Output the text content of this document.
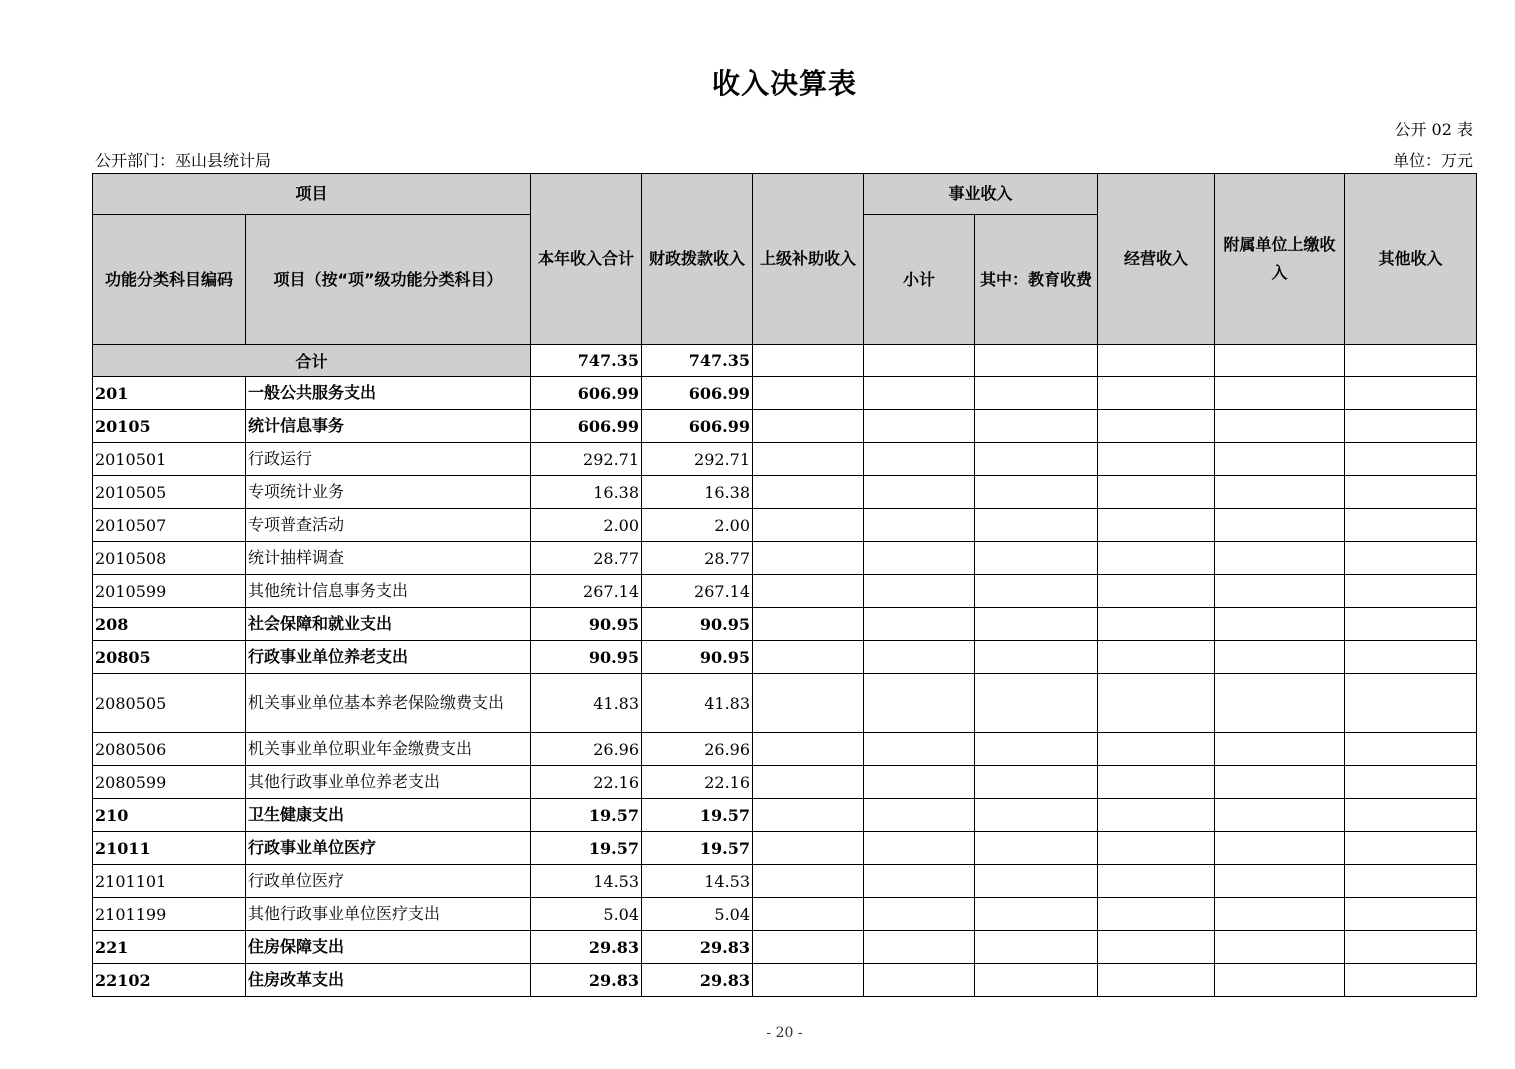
收入决算表
公开 02 表
公开部门：巫山县统计局	单位：万元
项目		本年收入合计	财政拨款收入	上级补助收入	事业收入		经营收入	附属单位上缴收入	其他收入
功能分类科目编码	项目（按“项”级功能分类科目）				小计	其中：教育收费			
合计		747.35	747.35						
201	一般公共服务支出	606.99	606.99						
20105	统计信息事务	606.99	606.99						
2010501	行政运行	292.71	292.71						
2010505	专项统计业务	16.38	16.38						
2010507	专项普查活动	2.00	2.00						
2010508	统计抽样调查	28.77	28.77						
2010599	其他统计信息事务支出	267.14	267.14						
208	社会保障和就业支出	90.95	90.95						
20805	行政事业单位养老支出	90.95	90.95						
2080505	机关事业单位基本养老保险缴费支出	41.83	41.83						
2080506	机关事业单位职业年金缴费支出	26.96	26.96						
2080599	其他行政事业单位养老支出	22.16	22.16						
210	卫生健康支出	19.57	19.57						
21011	行政事业单位医疗	19.57	19.57						
2101101	行政单位医疗	14.53	14.53						
2101199	其他行政事业单位医疗支出	5.04	5.04						
221	住房保障支出	29.83	29.83						
22102	住房改革支出	29.83	29.83						
- 20 -
